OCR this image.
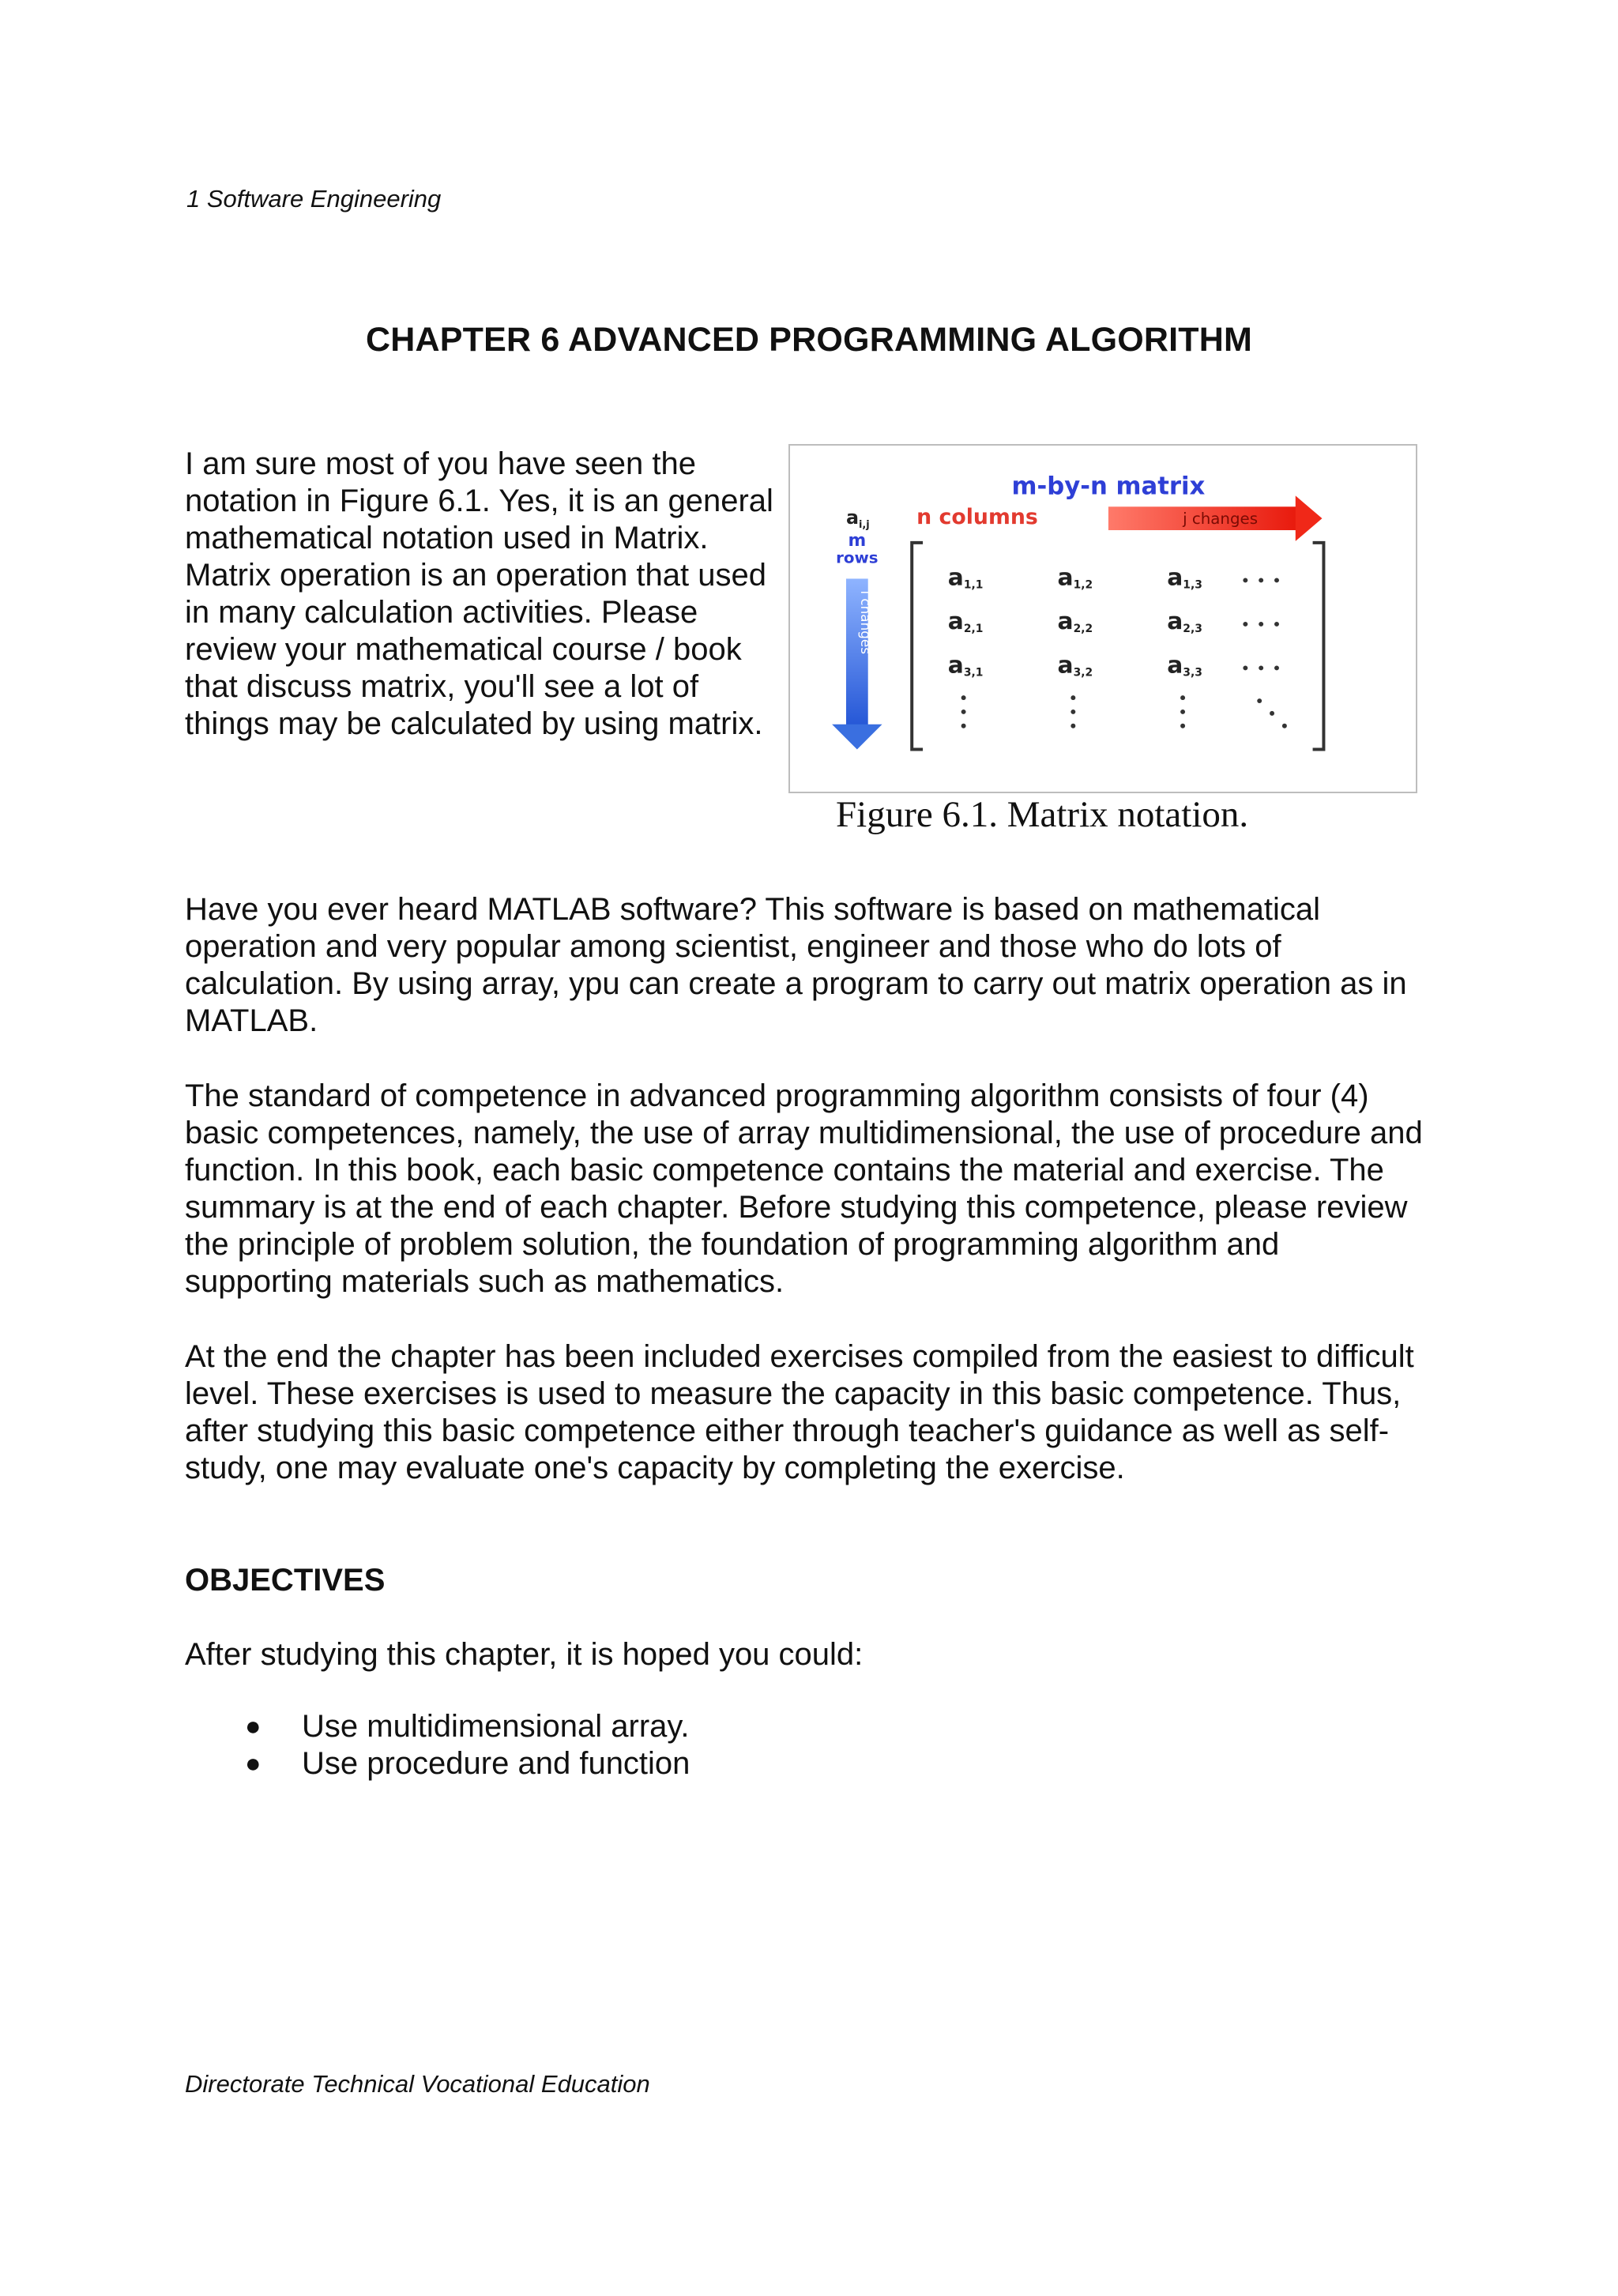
1 Software Engineering
CHAPTER 6 ADVANCED PROGRAMMING ALGORITHM

I am sure most of you have seen the
notation in Figure 6.1. Yes, it is an general
mathematical notation used in Matrix.
Matrix operation is an operation that used
in many calculation activities. Please
review your mathematical course / book
that discuss matrix, you'll see a lot of
things may be calculated by using matrix.

m-by-n matrix
$a_{i,j}$ n columns	j changes
m
rows
i changes
a1,1	a1,2	a1,3
a2,1	a2,2	a2,3
a3,1	a3,2	a3,3
Figure 6.1. Matrix notation.

Have you ever heard MATLAB software? This software is based on mathematical operation and very popular among scientist, engineer and those who do lots of calculation. By using array, ypu can create a program to carry out matrix operation as in MATLAB.

The standard of competence in advanced programming algorithm consists of four (4) basic competences, namely, the use of array multidimensional, the use of procedure and function. In this book, each basic competence contains the material and exercise. The summary is at the end of each chapter. Before studying this competence, please review the principle of problem solution, the foundation of programming algorithm and supporting materials such as mathematics.

At the end the chapter has been included exercises compiled from the easiest to difficult level. These exercises is used to measure the capacity in this basic competence. Thus, after studying this basic competence either through teacher's guidance as well as self-study, one may evaluate one's capacity by completing the exercise.

OBJECTIVES
After studying this chapter, it is hoped you could:
● Use multidimensional array.
● Use procedure and function
Directorate Technical Vocational Education
